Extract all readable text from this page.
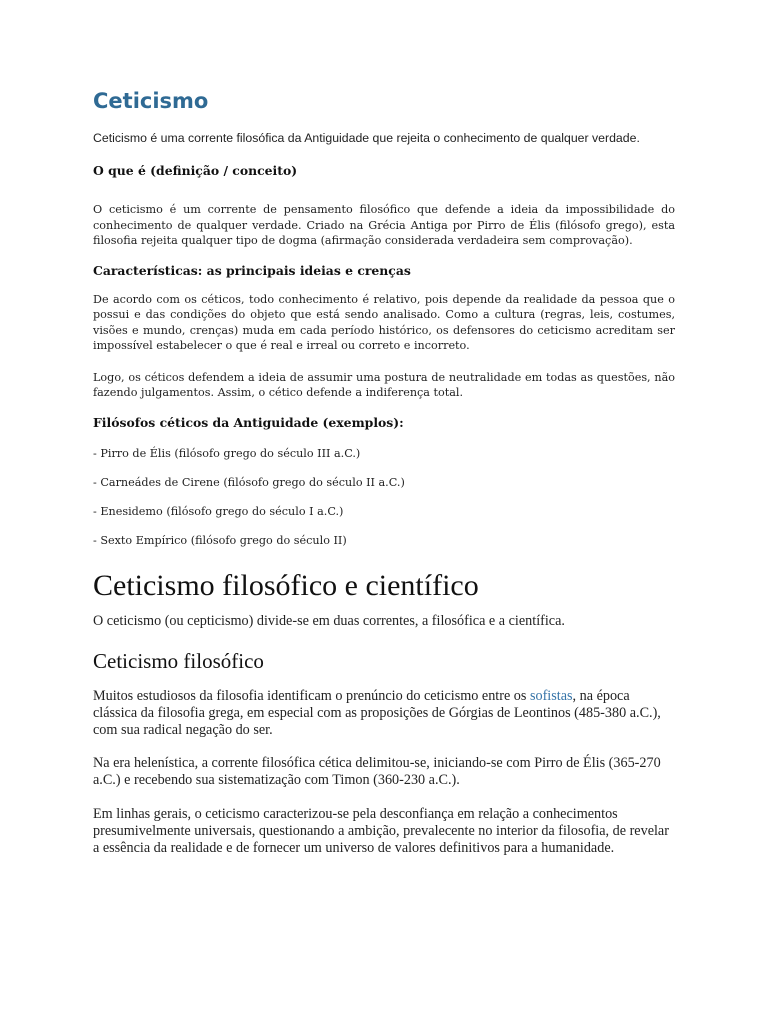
Ceticismo

Ceticismo é uma corrente filosófica da Antiguidade que rejeita o conhecimento de qualquer verdade.

O que é (definição / conceito)

O ceticismo é um corrente de pensamento filosófico que defende a ideia da impossibilidade do conhecimento de qualquer verdade. Criado na Grécia Antiga por Pirro de Élis (filósofo grego), esta filosofia rejeita qualquer tipo de dogma (afirmação considerada verdadeira sem comprovação).

Características: as principais ideias e crenças

De acordo com os céticos, todo conhecimento é relativo, pois depende da realidade da pessoa que o possui e das condições do objeto que está sendo analisado. Como a cultura (regras, leis, costumes, visões e mundo, crenças) muda em cada período histórico, os defensores do ceticismo acreditam ser impossível estabelecer o que é real e irreal ou correto e incorreto.

Logo, os céticos defendem a ideia de assumir uma postura de neutralidade em todas as questões, não fazendo julgamentos. Assim, o cético defende a indiferença total.

Filósofos céticos da Antiguidade (exemplos):

- Pirro de Élis (filósofo grego do século III a.C.)

- Carneádes de Cirene (filósofo grego do século II a.C.)

- Enesidemo (filósofo grego do século I a.C.)

- Sexto Empírico (filósofo grego do século II)

Ceticismo filosófico e científico

O ceticismo (ou cepticismo) divide-se em duas correntes, a filosófica e a científica.

Ceticismo filosófico

Muitos estudiosos da filosofia identificam o prenúncio do ceticismo entre os sofistas, na época clássica da filosofia grega, em especial com as proposições de Górgias de Leontinos (485-380 a.C.), com sua radical negação do ser.

Na era helenística, a corrente filosófica cética delimitou-se, iniciando-se com Pirro de Élis (365-270 a.C.) e recebendo sua sistematização com Timon (360-230 a.C.).

Em linhas gerais, o ceticismo caracterizou-se pela desconfiança em relação a conhecimentos presumivelmente universais, questionando a ambição, prevalecente no interior da filosofia, de revelar a essência da realidade e de fornecer um universo de valores definitivos para a humanidade.
